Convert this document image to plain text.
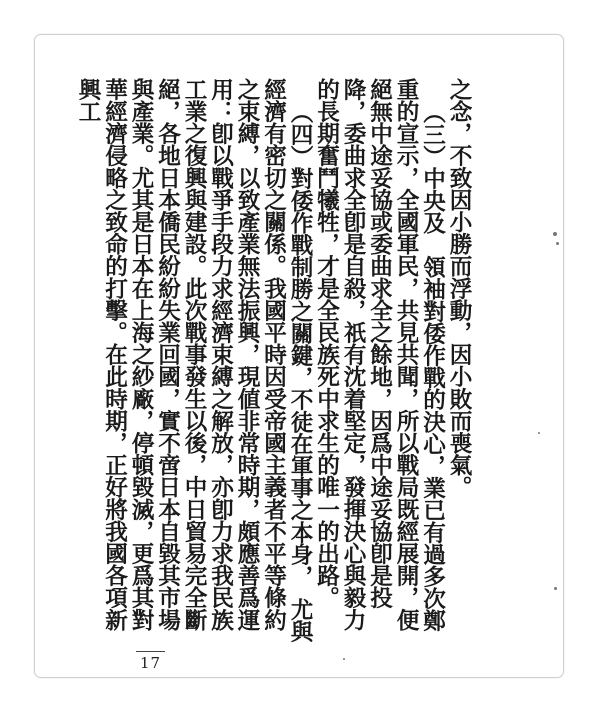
之念，不致因小勝而浮動，因小敗而喪氣。

（三）中央及　領袖對倭作戰的決心，業已有過多次鄭重的宣示，全國軍民，共見共聞，所以戰局既經展開，便絕無中途妥協或委曲求全之餘地，因爲中途妥協卽是投降，委曲求全卽是自殺，祇有沈着堅定，發揮決心與毅力的長期奮鬥犧牲，才是全民族死中求生的唯一的出路。

（四）對倭作戰制勝之關鍵，不徒在軍事之本身，　尤與經濟有密切之關係。我國平時因受帝國主義者不平等條約之束縛，以致產業無法振興，現値非常時期，頗應善爲運用：卽以戰爭手段力求經濟束縛之解放，亦卽力求我民族工業之復興與建設。此次戰事發生以後，中日貿易完全斷絕，各地日本僑民紛紛失業回國，實不啻日本自毀其市場與產業。尤其是日本在上海之紗廠，停頓毀滅，更爲其對華經濟侵略之致命的打擊。在此時期，正好將我國各項新興工

17
